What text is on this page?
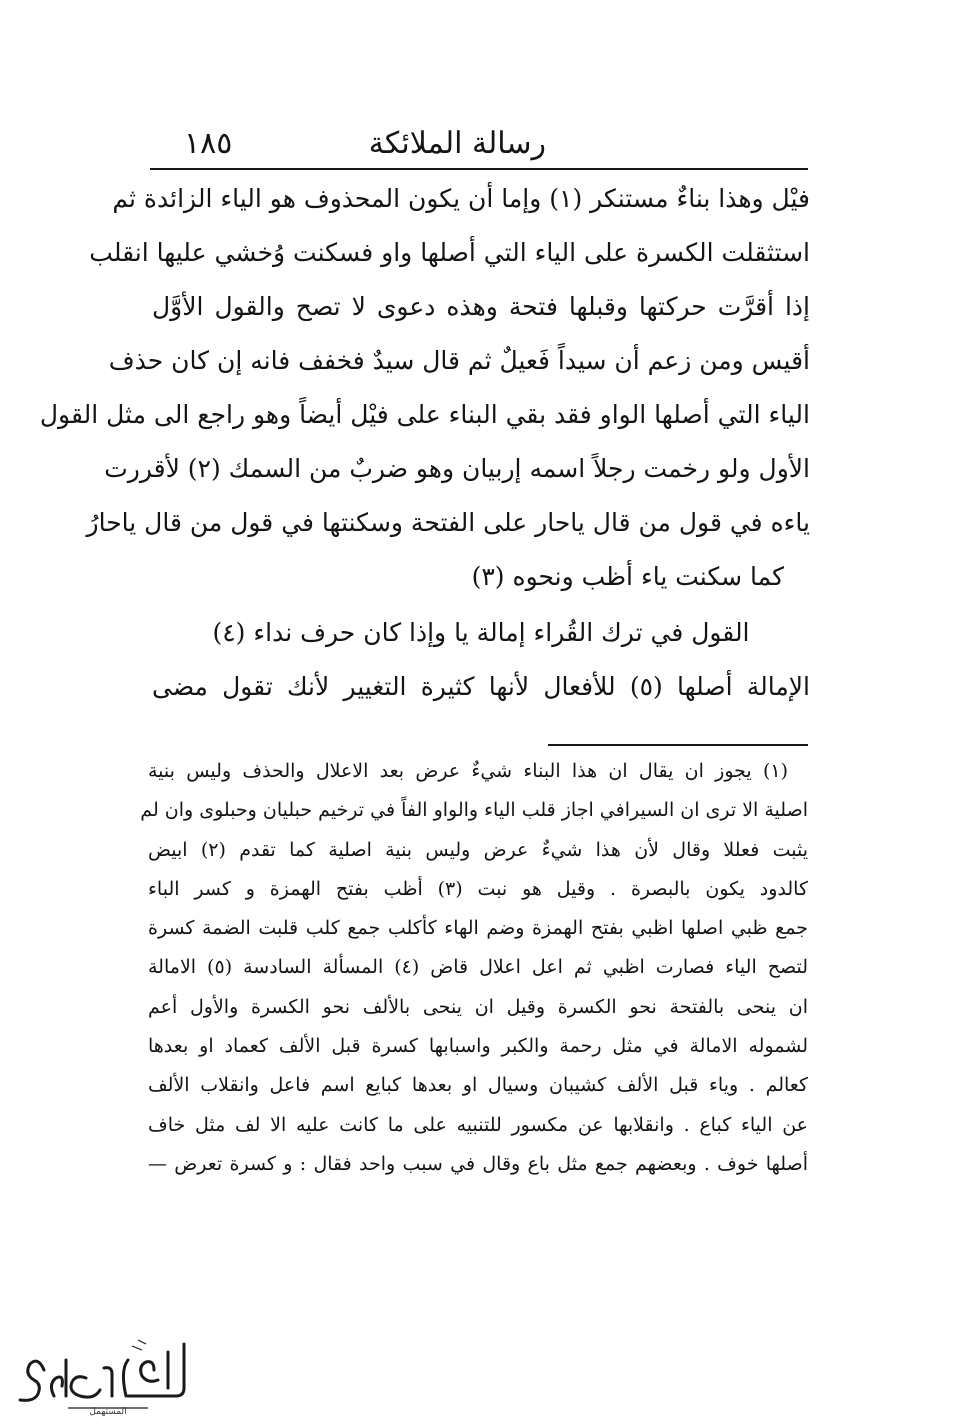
رسالة الملائكة
١٨٥
فيْل وهذا بناءٌ مستنكر (١) وإما أن يكون المحذوف هو الياء الزائدة ثم
استثقلت الكسرة على الياء التي أصلها واو فسكنت وُخشي عليها انقلب
إذا أقرَّت حركتها وقبلها فتحة وهذه دعوى لا تصح والقول الأوَّل
أقيس ومن زعم أن سيداً فَعيلٌ ثم قال سيدٌ فخفف فانه إن كان حذف
الياء التي أصلها الواو فقد بقي البناء على فيْل أيضاً وهو راجع الى مثل القول
الأول ولو رخمت رجلاً اسمه إربيان وهو ضربٌ من السمك (٢) لأقررت
ياءه في قول من قال ياحار على الفتحة وسكنتها في قول من قال ياحارُ
كما سكنت ياء أظب ونحوه (٣)
القول في ترك القُراء إمالة يا وإذا كان حرف نداء (٤)
الإمالة أصلها (٥) للأفعال لأنها كثيرة التغيير لأنك تقول مضى
(١) يجوز ان يقال ان هذا البناء شيءٌ عرض بعد الاعلال والحذف وليس بنية
اصلية الا ترى ان السيرافي اجاز قلب الياء والواو الفاً في ترخيم حبليان وحبلوى وان لم
يثبت فعللا وقال لأن هذا شيءٌ عرض وليس بنية اصلية كما تقدم (٢) ابيض
كالدود يكون بالبصرة . وقيل هو نبت (٣) أظب بفتح الهمزة و كسر الباء
جمع ظبي اصلها اظبي بفتح الهمزة وضم الهاء كأكلب جمع كلب قلبت الضمة كسرة
لتصح الياء فصارت اظبي ثم اعل اعلال قاض (٤) المسألة السادسة (٥) الامالة
ان ينحى بالفتحة نحو الكسرة وقيل ان ينحى بالألف نحو الكسرة والأول أعم
لشموله الامالة في مثل رحمة والكبر واسبابها كسرة قبل الألف كعماد او بعدها
كعالم . وياء قبل الألف كشيبان وسيال او بعدها كبايع اسم فاعل وانقلاب الألف
عن الياء كباع . وانقلابها عن مكسور للتنبيه على ما كانت عليه الا لف مثل خاف
أصلها خوف . وبعضهم جمع مثل باع وقال في سبب واحد فقال : و كسرة تعرض —
المستهمل
